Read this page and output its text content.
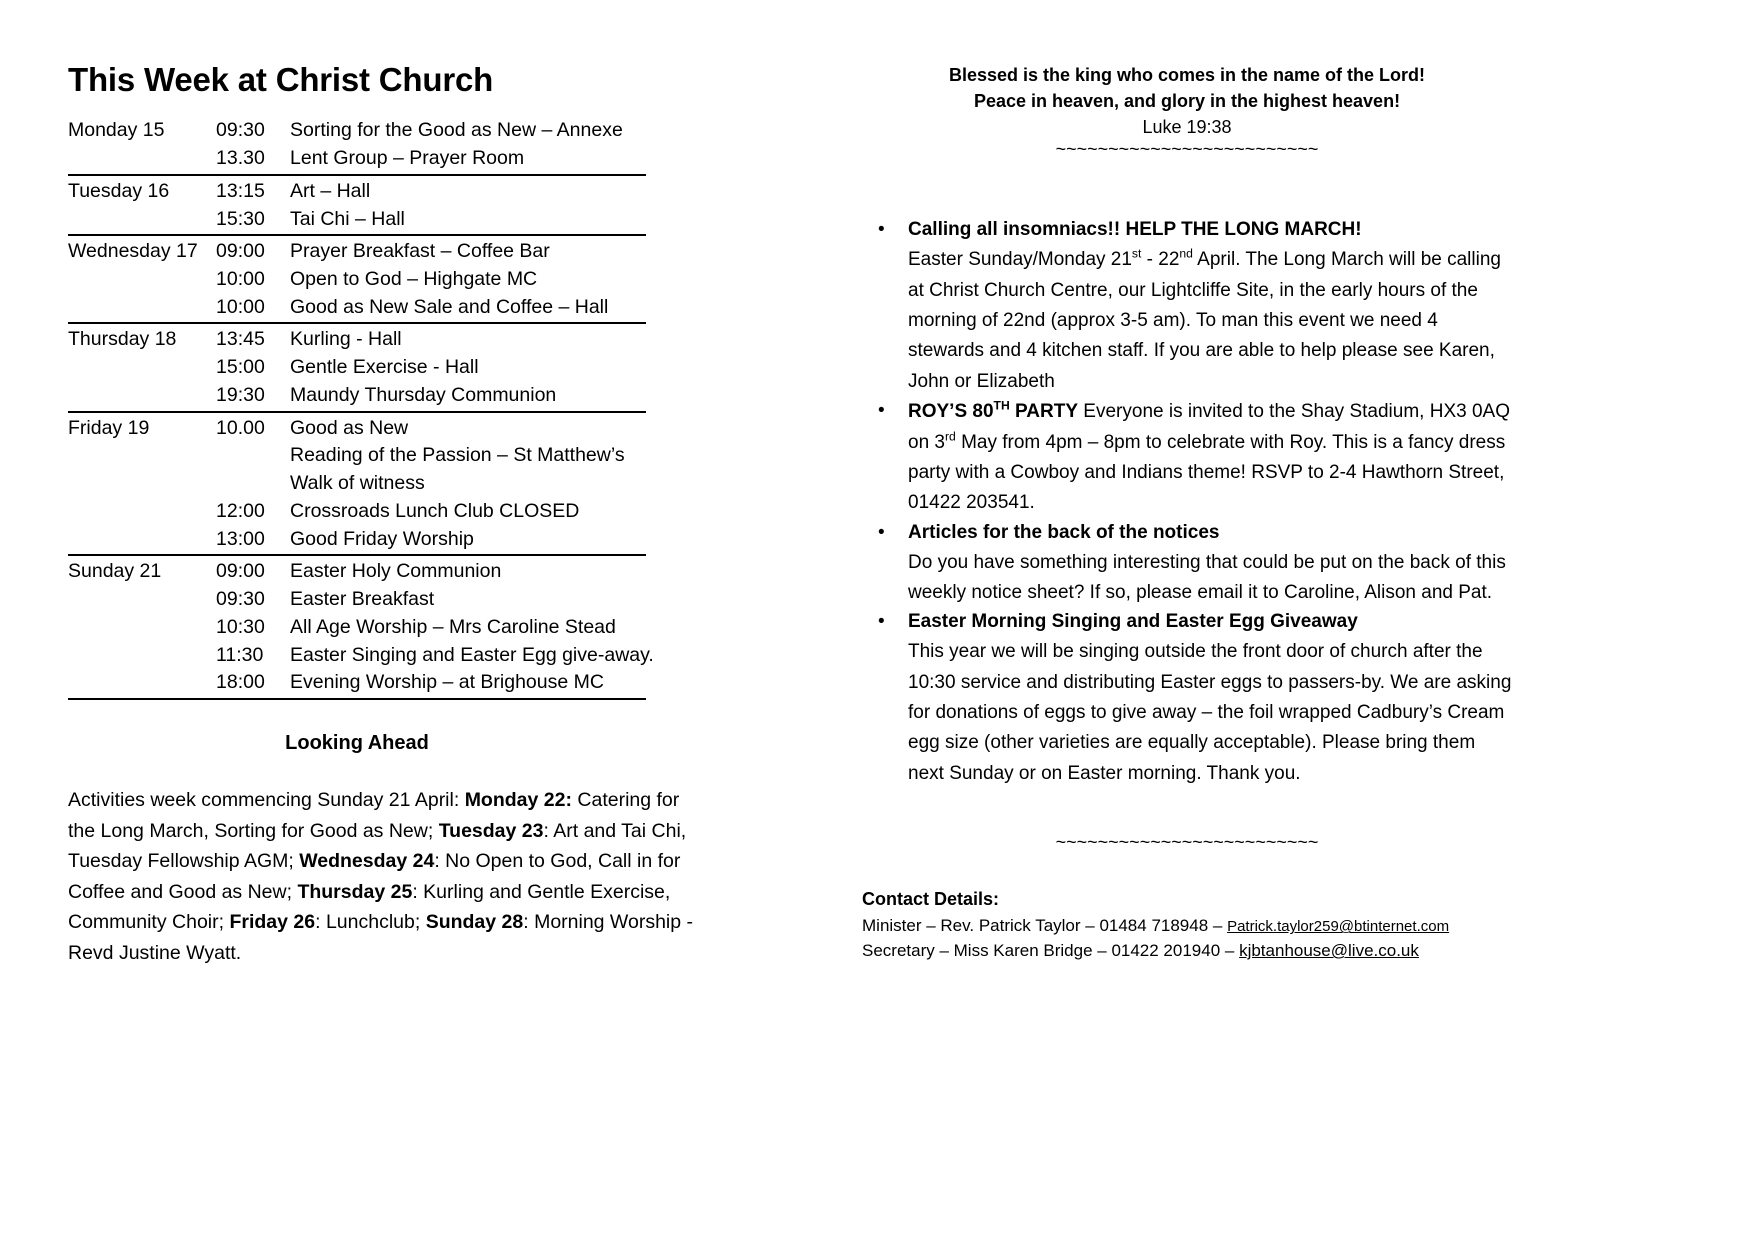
This Week at Christ Church
Monday 15	09:30	Sorting for the Good as New – Annexe
	13.30	Lent Group – Prayer Room
Tuesday 16	13:15	Art – Hall
	15:30	Tai Chi – Hall
Wednesday 17	09:00	Prayer Breakfast – Coffee Bar
	10:00	Open to God – Highgate MC
	10:00	Good as New Sale and Coffee – Hall
Thursday 18	13:45	Kurling - Hall
	15:00	Gentle Exercise - Hall
	19:30	Maundy Thursday Communion
Friday 19	10.00	Good as New
		Reading of the Passion – St Matthew’s
		Walk of witness
	12:00	Crossroads Lunch Club CLOSED
	13:00	Good Friday Worship
Sunday 21	09:00	Easter Holy Communion
	09:30	Easter Breakfast
	10:30	All Age Worship – Mrs Caroline Stead
	11:30	Easter Singing and Easter Egg give-away.
	18:00	Evening Worship – at Brighouse MC
Looking Ahead

Activities week commencing Sunday 21 April: Monday 22: Catering for the Long March, Sorting for Good as New; Tuesday 23: Art and Tai Chi, Tuesday Fellowship AGM; Wednesday 24: No Open to God, Call in for Coffee and Good as New; Thursday 25: Kurling and Gentle Exercise, Community Choir; Friday 26: Lunchclub; Sunday 28: Morning Worship - Revd Justine Wyatt.

Blessed is the king who comes in the name of the Lord!

Peace in heaven, and glory in the highest heaven!

Luke 19:38

~~~~~~~~~~~~~~~~~~~~~~~~~

• Calling all insomniacs!! HELP THE LONG MARCH!

Easter Sunday/Monday 21st - 22nd April. The Long March will be calling at Christ Church Centre, our Lightcliffe Site, in the early hours of the morning of 22nd (approx 3-5 am). To man this event we need 4 stewards and 4 kitchen staff. If you are able to help please see Karen, John or Elizabeth

• ROY’S 80TH PARTY Everyone is invited to the Shay Stadium, HX3 0AQ on 3rd May from 4pm – 8pm to celebrate with Roy. This is a fancy dress party with a Cowboy and Indians theme! RSVP to 2-4 Hawthorn Street, 01422 203541.

• Articles for the back of the notices

Do you have something interesting that could be put on the back of this weekly notice sheet? If so, please email it to Caroline, Alison and Pat.

• Easter Morning Singing and Easter Egg Giveaway

This year we will be singing outside the front door of church after the 10:30 service and distributing Easter eggs to passers-by. We are asking for donations of eggs to give away – the foil wrapped Cadbury’s Cream egg size (other varieties are equally acceptable). Please bring them next Sunday or on Easter morning. Thank you.

~~~~~~~~~~~~~~~~~~~~~~~~~

Contact Details:

Minister – Rev. Patrick Taylor – 01484 718948 – Patrick.taylor259@btinternet.com

Secretary – Miss Karen Bridge – 01422 201940 – kjbtanhouse@live.co.uk
